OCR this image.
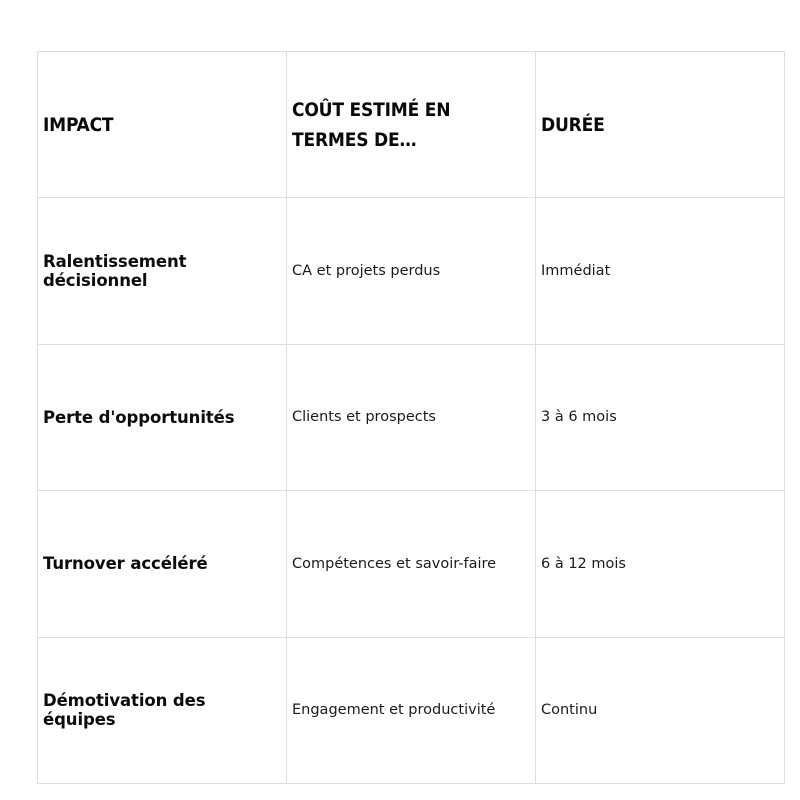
IMPACT	COÛT ESTIMÉ EN TERMES DE…	DURÉE
Ralentissement décisionnel	CA et projets perdus	Immédiat
Perte d'opportunités	Clients et prospects	3 à 6 mois
Turnover accéléré	Compétences et savoir-faire	6 à 12 mois
Démotivation des équipes	Engagement et productivité	Continu
